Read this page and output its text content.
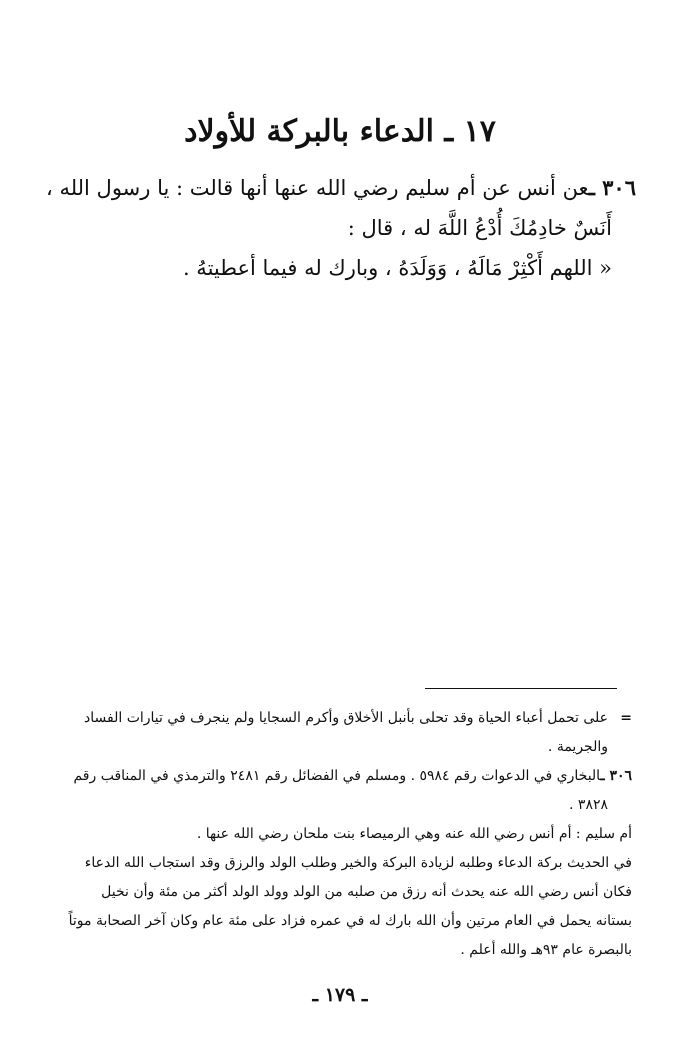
١٧ ـ الدعاء بالبركة للأولاد
٣٠٦ ـعن أنس عن أم سليم رضي الله عنها أنها قالت : يا رسول الله ،
أَنَسٌ خادِمُكَ أُدْعُ اللَّهَ له ، قال :
« اللهم أَكْثِرْ مَالَهُ ، وَوَلَدَهُ ، وبارك له فيما أعطيتهُ .
=على تحمل أعباء الحياة وقد تحلى بأنبل الأخلاق وأكرم السجايا ولم ينجرف في تيارات الفساد
والجريمة .
٣٠٦ ـالبخاري في الدعوات رقم ٥٩٨٤ . ومسلم في الفضائل رقم ٢٤٨١ والترمذي في المناقب رقم
٣٨٢٨ .
أم سليم : أم أنس رضي الله عنه وهي الرميصاء بنت ملحان رضي الله عنها .
في الحديث بركة الدعاء وطلبه لزيادة البركة والخير وطلب الولد والرزق وقد استجاب الله الدعاء
فكان أنس رضي الله عنه يحدث أنه رزق من صلبه من الولد وولد الولد أكثر من مئة وأن نخيل
بستانه يحمل في العام مرتين وأن الله بارك له في عمره فزاد على مئة عام وكان آخر الصحابة موتاً
بالبصرة عام ٩٣هـ والله أعلم .
ـ ١٧٩ ـ
